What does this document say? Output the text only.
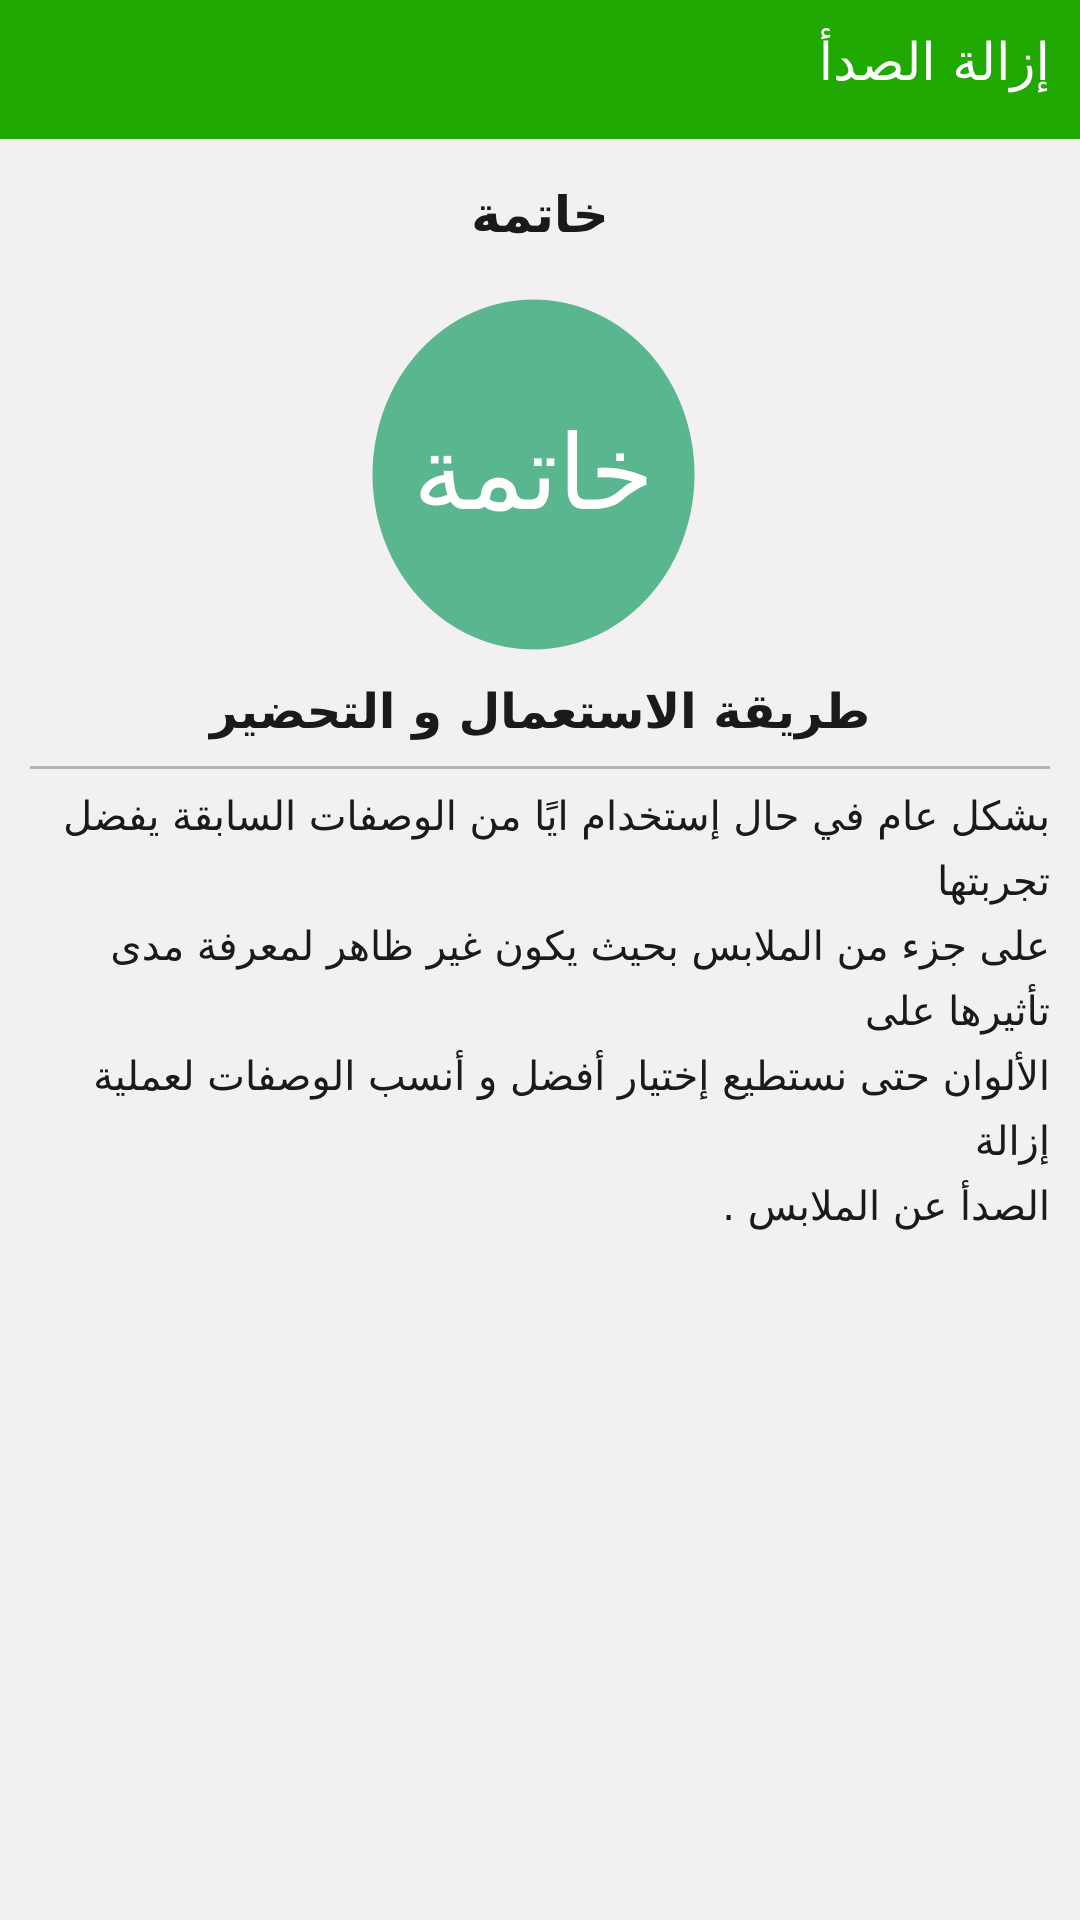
إزالة الصدأ
خاتمة
خاتمة
طريقة الاستعمال و التحضير

بشكل عام في حال إستخدام ايًا من الوصفات السابقة يفضل تجربتها
على جزء من الملابس بحيث يكون غير ظاهر لمعرفة مدى تأثيرها على
الألوان حتى نستطيع إختيار أفضل و أنسب الوصفات لعملية إزالة
الصدأ عن الملابس .
